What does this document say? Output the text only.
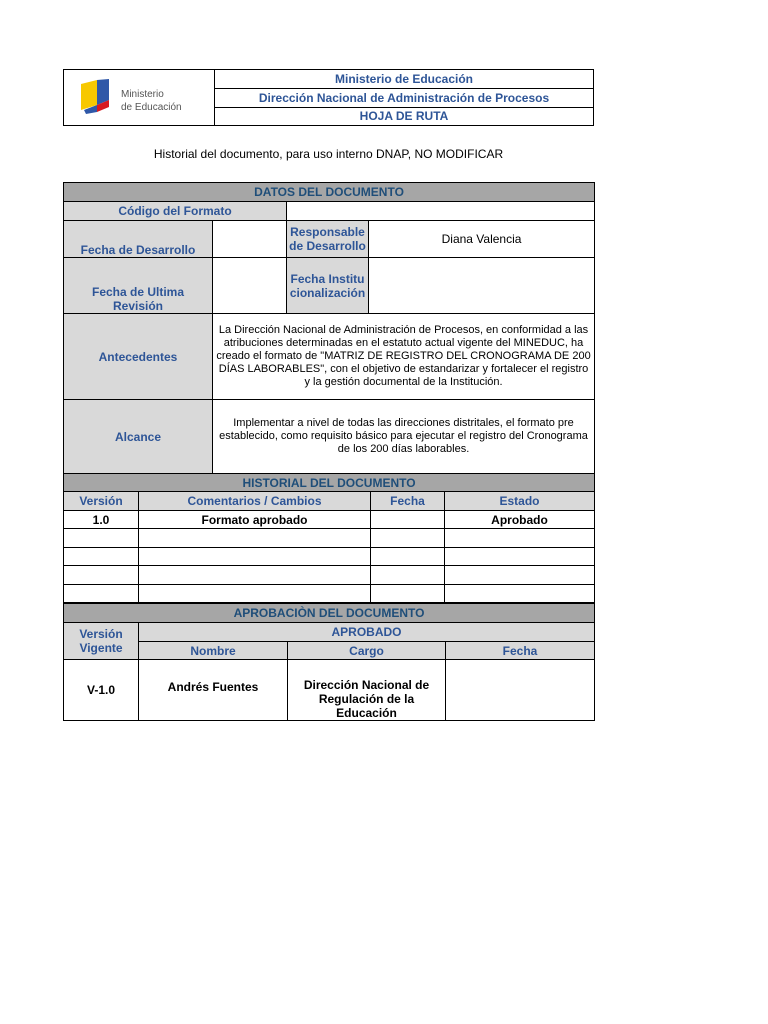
Ministerio
de Educación
Ministerio de Educación
Dirección Nacional de Administración de Procesos
HOJA DE RUTA
Historial del documento, para uso interno DNAP, NO MODIFICAR
DATOS DEL DOCUMENTO			
Código del Formato			
Fecha de Desarrollo		Responsable de Desarrollo	Diana Valencia
Fecha de Ultima Revisión		Fecha Institucionalización	
Antecedentes	La Dirección Nacional de Administración de Procesos, en conformidad a las atribuciones determinadas en el estatuto actual vigente del MINEDUC, ha creado el formato de "MATRIZ DE REGISTRO DEL CRONOGRAMA DE 200 DÍAS LABORABLES", con el objetivo de estandarizar y fortalecer el registro y la gestión documental de la Institución.		
Alcance	Implementar a nivel de todas las direcciones distritales, el formato pre establecido, como requisito básico para ejecutar el registro del Cronograma de los 200 días laborables.		
HISTORIAL DEL DOCUMENTO			
Versión	Comentarios / Cambios	Fecha	Estado
1.0	Formato aprobado		Aprobado

APROBACIÒN DEL DOCUMENTO			
Versión Vigente	APROBADO		
	Nombre	Cargo	Fecha
V-1.0	Andrés Fuentes	Dirección Nacional de Regulación de la Educación	
